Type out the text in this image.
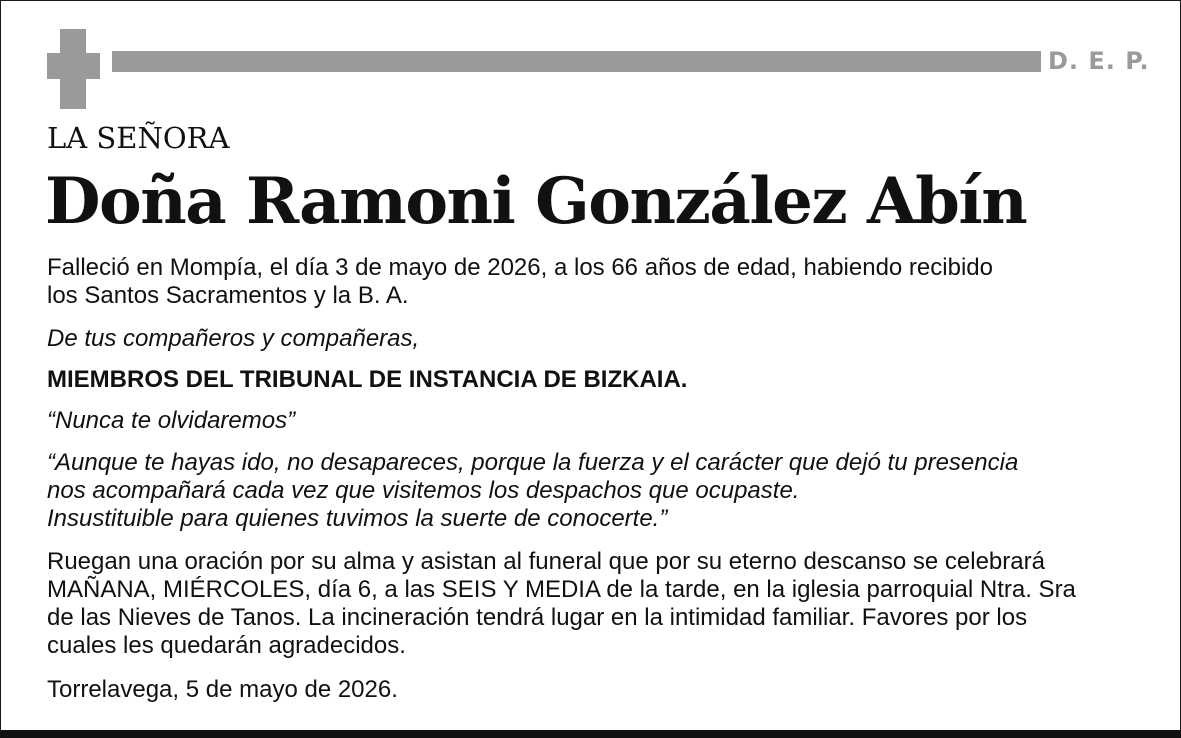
D. E. P.
LA SEÑORA
Doña Ramoni González Abín
Falleció en Mompía, el día 3 de mayo de 2026, a los 66 años de edad, habiendo recibido
los Santos Sacramentos y la B. A.
De tus compañeros y compañeras,
MIEMBROS DEL TRIBUNAL DE INSTANCIA DE BIZKAIA.
“Nunca te olvidaremos”
“Aunque te hayas ido, no desapareces, porque la fuerza y el carácter que dejó tu presencia
nos acompañará cada vez que visitemos los despachos que ocupaste.
Insustituible para quienes tuvimos la suerte de conocerte.”
Ruegan una oración por su alma y asistan al funeral que por su eterno descanso se celebrará
MAÑANA, MIÉRCOLES, día 6, a las SEIS Y MEDIA de la tarde, en la iglesia parroquial Ntra. Sra
de las Nieves de Tanos. La incineración tendrá lugar en la intimidad familiar. Favores por los
cuales les quedarán agradecidos.
Torrelavega, 5 de mayo de 2026.
